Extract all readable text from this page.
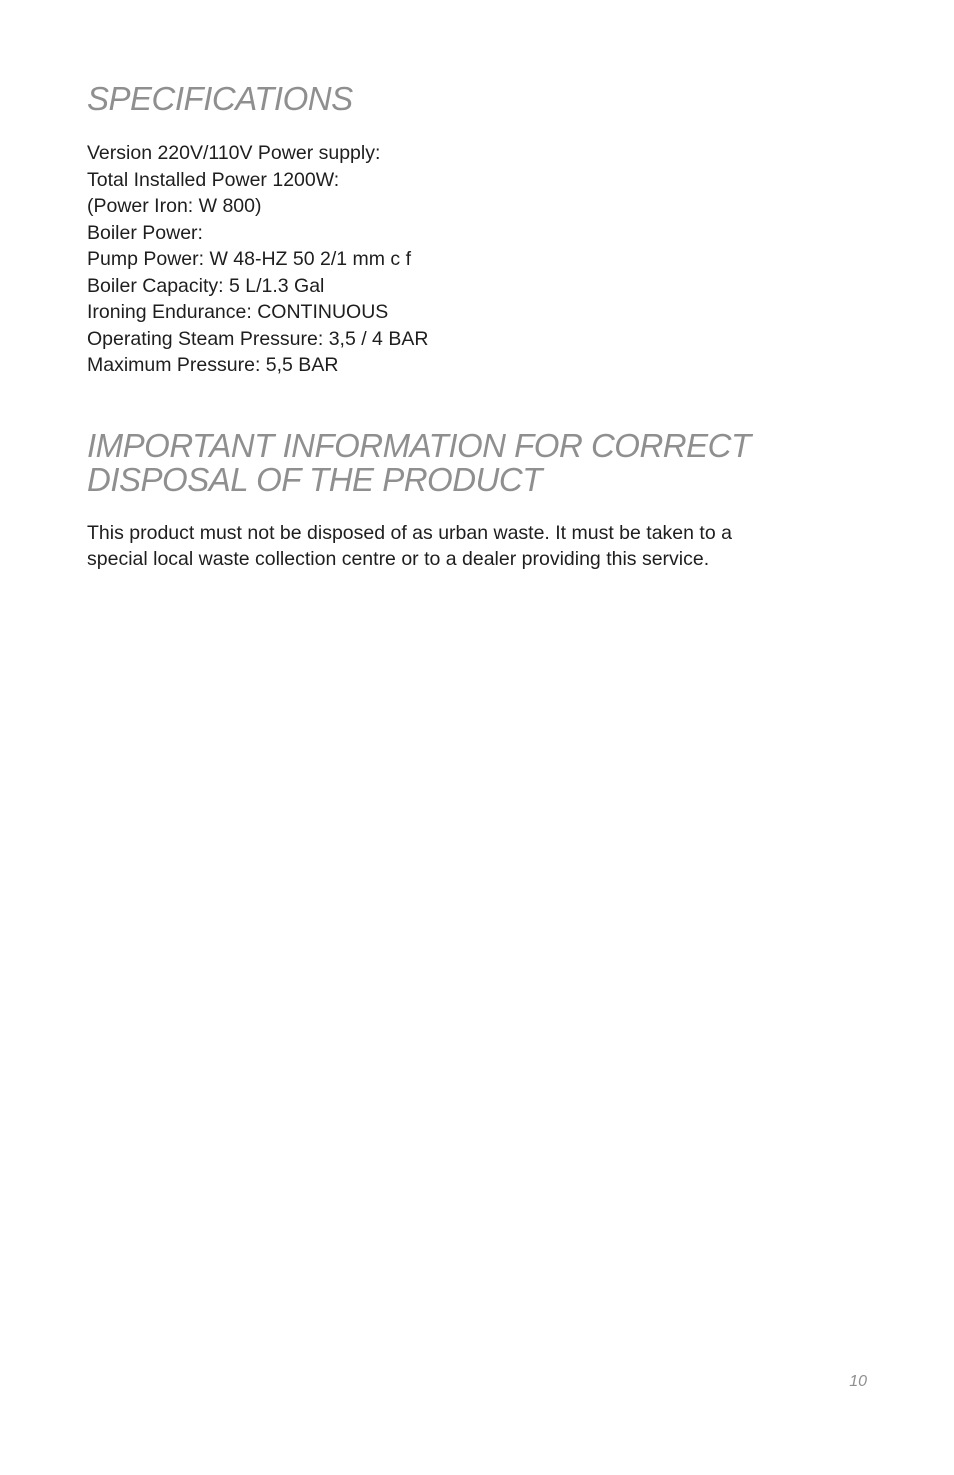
SPECIFICATIONS
Version 220V/110V Power supply:
Total Installed Power 1200W:
(Power Iron: W 800)
Boiler Power:
Pump Power: W 48-HZ 50 2/1 mm c f
Boiler Capacity: 5 L/1.3 Gal
Ironing Endurance: CONTINUOUS
Operating Steam Pressure: 3,5 / 4 BAR
Maximum Pressure: 5,5 BAR
IMPORTANT INFORMATION FOR CORRECT
DISPOSAL OF THE PRODUCT

This product must not be disposed of as urban waste. It must be taken to a
special local waste collection centre or to a dealer providing this service.

10
